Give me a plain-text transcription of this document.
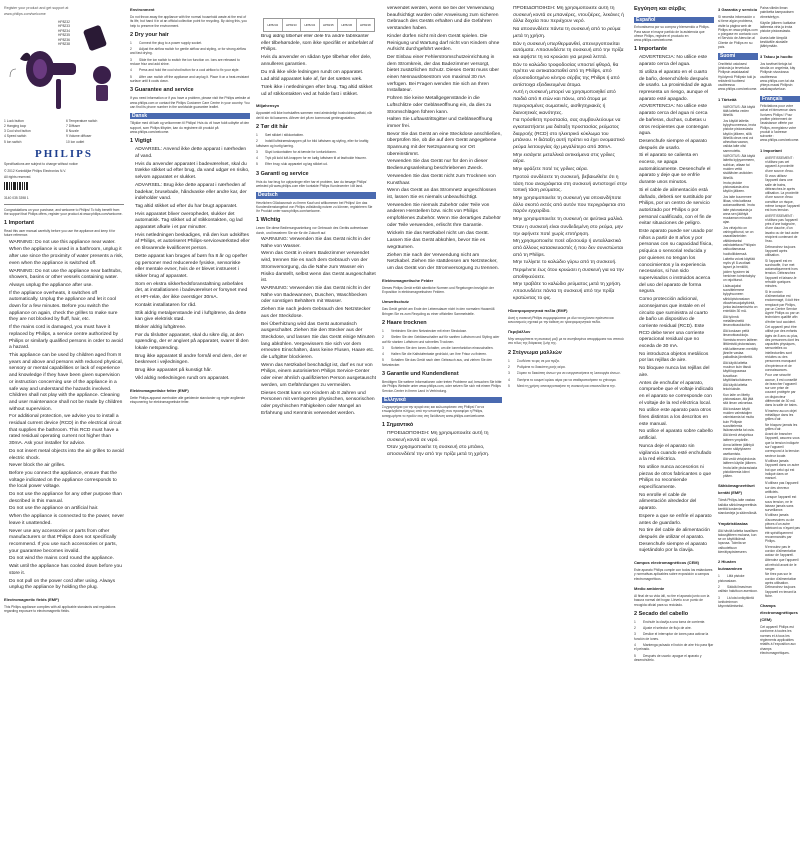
Register your product and get support at
www.philips.com/welcome
HP8232
HP8233
HP8234
HP8235
HP8236
HP8238
1 Lock button	6 Temperature switch
2 Hanging loop	7 Diffuser
3 Cool shot button	8 Nozzle
4 Speed switch	9 Volume diffuser
5 Ion switch	10 Ion outlet
PHILIPS

Specifications are subject to change without notice

© 2012 Koninklijke Philips Electronics N.V.

All rights reserved.

3140 035 3398 1

Congratulations on your purchase, and welcome to Philips! To fully benefit from the support that Philips offers, register your product at www.philips.com/welcome.

1 Important

Read this user manual carefully before you use the appliance and keep it for future reference.

• WARNING: Do not use this appliance near water.
• When the appliance is used in a bathroom, unplug it after use since the proximity of water presents a risk, even when the appliance is switched off.
• WARNING: Do not use the appliance near bathtubs, showers, basins or other vessels containing water.
• Always unplug the appliance after use.
• If the appliance overheats, it switches off automatically. Unplug the appliance and let it cool down for a few minutes. Before you switch the appliance on again, check the grilles to make sure they are not blocked by fluff, hair, etc.
• If the mains cord is damaged, you must have it replaced by Philips, a service centre authorized by Philips or similarly qualified persons in order to avoid a hazard.
• This appliance can be used by children aged from 8 years and above and persons with reduced physical, sensory or mental capabilities or lack of experience and knowledge if they have been given supervision or instruction concerning use of the appliance in a safe way and understand the hazards involved. Children shall not play with the appliance. Cleaning and user maintenance shall not be made by children without supervision.
• For additional protection, we advise you to install a residual current device (RCD) in the electrical circuit that supplies the bathroom. This RCD must have a rated residual operating current not higher than 30mA. Ask your installer for advice.
• Do not insert metal objects into the air grilles to avoid electric shock.
• Never block the air grilles.
• Before you connect the appliance, ensure that the voltage indicated on the appliance corresponds to the local power voltage.
• Do not use the appliance for any other purpose than described in this manual.
• Do not use the appliance on artificial hair.
• When the appliance is connected to the power, never leave it unattended.
• Never use any accessories or parts from other manufacturers or that Philips does not specifically recommend. If you use such accessories or parts, your guarantee becomes invalid.
• Do not wind the mains cord round the appliance.
• Wait until the appliance has cooled down before you store it.
• Do not pull on the power cord after using. Always unplug the appliance by holding the plug.
Electromagnetic fields (EMF)

This Philips appliance complies with all applicable standards and regulations regarding exposure to electromagnetic fields.

Environment

Do not throw away the appliance with the normal household waste at the end of its life, but hand it in at an official collection point for recycling. By doing this, you help to preserve the environment.

2 Dry your hair

1 Connect the plug to a power supply socket.

2 Adjust the airflow switch for gentle airflow and styling, or for strong airflow and fast drying.

3 Slide the ion switch to switch the ion function on. Ions are released to reduce frizz and add shine.

4 Press and hold the cool shot button for a cool airflow to fix your style.

5 After use: switch off the appliance and unplug it. Place it on a heat-resistant surface until it cools down.

3 Guarantee and service

If you need information or if you have a problem, please visit the Philips website at www.philips.com or contact the Philips Customer Care Centre in your country. You can find its phone number in the worldwide guarantee leaflet.

Dansk

Tillykke med dit køb og velkommen til Philips! Hvis du vil have fuldt udbytte af den support, som Philips tilbyder, kan du registrere dit produkt på www.philips.com/welcome.

1 Vigtigt
• ADVARSEL: Anvend ikke dette apparat i nærheden af vand.
• Hvis du anvender apparatet i badeværelset, skal du trække stikket ud efter brug, da vand udgør en risiko, selvom apparatet er slukket.
• ADVARSEL: Brug ikke dette apparat i nærheden af badekar, brusebade, håndvaske eller andre kar, der indeholder vand.
• Tag altid stikket ud efter du har brugt apparatet.
• Hvis apparatet bliver overophedet, slukker det automatisk. Tag stikket ud af stikkontakten, og lad apparatet afkøle i et par minutter.
• Hvis netledningen beskadiges, må den kun udskiftes af Philips, et autoriseret Philips-serviceværksted eller en tilsvarende kvalificeret person.
• Dette apparat kan bruges af børn fra 8 år og opefter og personer med reducerede fysiske, sensoriske eller mentale evner, hvis de er blevet instrueret i sikker brug af apparatet.
• Som en ekstra sikkerhedsforanstaltning anbefales det, at installationen i badeværelset er forsynet med et HFI-relæ, der ikke overstiger 30mA.
• Kontakt installatøren for råd.
• Stik aldrig metalgenstande ind i luftgitrene, da dette kan give elektrisk stød.
• Bloker aldrig luftgitrene.
• Før du tilslutter apparatet, skal du sikre dig, at den spænding, der er angivet på apparatet, svarer til den lokale netspænding.
• Brug ikke apparatet til andre formål end dem, der er beskrevet i vejledningen.
• Brug ikke apparatet på kunstigt hår.
• Vikl aldrig netledningen rundt om apparatet.
Elektromagnetiske felter (EMF)

Dette Philips-apparat overholder alle gældende standarder og regler angående eksponering for elektromagnetiske felter.

HP8232	HP8233	HP8234	HP8235	HP8236	HP8238
• Brug aldrig tilbehør eller dele fra andre fabrikanter eller tilbehørsdele, som ikke specifikt er anbefalet af Philips.
• Hvis du anvender en sådan type tilbehør eller dele, annulleres garantien.
• Du må ikke vikle ledningen rundt om apparatet.
• Lad altid apparatet køle af, før det sættes væk.
• Træk ikke i netledningen efter brug. Tag altid stikket ud af stikkontakten ved at holde fast i stikket.
Miljøhensyn

Apparatet må ikke bortskaffes sammen med almindeligt husholdningsaffald, når det til sin tid kasseres. Aflever det på en kommunal genbrugsstation.

2 Tør dit hår

1 Sæt stikket i stikkontakten.

2 Indstil luftstrømsknappen på for blid luftstrøm og styling, eller for kraftig luftstrøm og hurtig tørring.

3 Skyd ionkontakten for at tænde for ionfunktionen.

4 Tryk på kold luft-knappen for en kølig luftstrøm til at fastholde frisuren.

5 Efter brug: sluk apparatet og tag stikket ud.

3 Garanti og service

Hvis du har brug for oplysninger eller har et problem, kan du besøge Philips' websted på www.philips.com eller kontakte Philips Kundecenter i dit land.

Deutsch

Herzlichen Glückwunsch zu Ihrem Kauf und willkommen bei Philips! Um das Kundendienstangebot von Philips vollständig nutzen zu können, registrieren Sie Ihr Produkt unter www.philips.com/welcome.

1 Wichtig

Lesen Sie diese Bedienungsanleitung vor Gebrauch des Geräts aufmerksam durch, und bewahren Sie sie für die Zukunft auf.

• WARNUNG: Verwenden Sie das Gerät nicht in der Nähe von Wasser.
• Wenn das Gerät in einem Badezimmer verwendet wird, trennen Sie es nach dem Gebrauch von der Stromversorgung, da die Nähe zum Wasser ein Risiko darstellt, selbst wenn das Gerät ausgeschaltet ist.
• WARNUNG: Verwenden Sie das Gerät nicht in der Nähe von Badewannen, Duschen, Waschbecken oder sonstigen Behältern mit Wasser.
• Ziehen Sie nach jedem Gebrauch den Netzstecker aus der Steckdose.
• Bei Überhitzung wird das Gerät automatisch ausgeschaltet. Ziehen Sie den Stecker aus der Steckdose, und lassen Sie das Gerät einige Minuten lang abkühlen. Vergewissern Sie sich vor dem erneuten Einschalten, dass keine Flusen, Haare etc. die Luftgitter blockieren.
• Wenn das Netzkabel beschädigt ist, darf es nur von Philips, einem autorisierten Philips Service-Center oder einer ähnlich qualifizierten Person ausgetauscht werden, um Gefährdungen zu vermeiden.
• Dieses Gerät kann von Kindern ab 8 Jahren und Personen mit verringerten physischen, sensorischen oder psychischen Fähigkeiten oder Mangel an Erfahrung und Kenntnis verwendet werden.
• verwendet werden, wenn sie bei der Verwendung beaufsichtigt wurden oder Anweisung zum sicheren Gebrauch des Geräts erhalten und die Gefahren verstanden haben.
• Kinder dürfen nicht mit dem Gerät spielen. Die Reinigung und Wartung darf nicht von Kindern ohne Aufsicht durchgeführt werden.
• Der Einbau einer Fehlerstromschutzeinrichtung in dem Stromkreis, der das Badezimmer versorgt, bietet zusätzlichen Schutz. Dieses Gerät muss über einen Nennauslösestrom von maximal 30 mA verfügen. Bei Fragen wenden Sie sich an Ihren Installateur.
• Führen Sie keine Metallgegenstände in die Luftschlitze oder Gebläseöffnung ein, da dies zu Stromschlägen führen kann.
• Halten Sie Luftaustrittsgitter und Gebläseöffnung immer frei.
• Bevor Sie das Gerät an eine Steckdose anschließen, überprüfen Sie, ob die auf dem Gerät angegebene Spannung mit der Netzspannung vor Ort übereinstimmt.
• Verwenden Sie das Gerät nur für den in dieser Bedienungsanleitung beschriebenen Zweck.
• Verwenden Sie das Gerät nicht zum Trocknen von Kunsthaar.
• Wenn das Gerät an das Stromnetz angeschlossen ist, lassen Sie es niemals unbeaufsichtigt.
• Verwenden Sie niemals Zubehör oder Teile von anderen Herstellern bzw. nicht von Philips empfohlenes Zubehör. Wenn Sie derartiges Zubehör oder Teile verwenden, erlischt Ihre Garantie.
• Wickeln Sie das Netzkabel nicht um das Gerät.
• Lassen Sie das Gerät abkühlen, bevor Sie es wegräumen.
• Ziehen Sie nach der Verwendung nicht am Netzkabel. Ziehen Sie stattdessen am Netzstecker, um das Gerät von der Stromversorgung zu trennen.
Elektromagnetische Felder

Dieses Philips Gerät erfüllt sämtliche Normen und Regelungen bezüglich der Exposition in elektromagnetischen Feldern.

Umweltschutz

Das Gerät gehört am Ende der Lebensdauer nicht in den normalen Hausmüll. Bringen Sie es zum Recycling zu einer offiziellen Sammelstelle.

2 Haare trocknen

1 Verbinden Sie den Netzstecker mit einer Steckdose.

2 Stellen Sie den Gebläseschalter auf für sanften Luftstrom und Styling oder auf für starken Luftstrom und schnelles Trocknen.

3 Schieben Sie den Ionen-Schalter, um die Ionenfunktion einzuschalten.

4 Halten Sie die Kaltstufentaste gedrückt, um Ihre Frisur zu fixieren.

5 Schalten Sie das Gerät nach dem Gebrauch aus, und ziehen Sie den Netzstecker.

3 Garantie und Kundendienst

Benötigen Sie weitere Informationen oder treten Probleme auf, besuchen Sie bitte die Philips Website unter www.philips.com, oder setzen Sie sich mit einem Philips Service-Center in Ihrem Land in Verbindung.

Ελληνικά

Συγχαρητήρια για την αγορά σας και καλωσορίσατε στη Philips! Για να επωφεληθείτε πλήρως από την υποστήριξη που προσφέρει η Philips, καταχωρήστε το προϊόν σας στη διεύθυνση www.philips.com/welcome.

1 Σημαντικό
• ΠΡΟΕΙΔΟΠΟΙΗΣΗ: Μη χρησιμοποιείτε αυτή τη συσκευή κοντά σε νερό.
• Όταν χρησιμοποιείτε τη συσκευή στο μπάνιο, αποσυνδέετέ την από την πρίζα μετά τη χρήση.
• ΠΡΟΕΙΔΟΠΟΙΗΣΗ: Μη χρησιμοποιείτε αυτή τη συσκευή κοντά σε μπανιέρες, ντουζιέρες, λεκάνες ή άλλα δοχεία που περιέχουν νερό.
• Να αποσυνδέετε πάντα τη συσκευή από το ρεύμα μετά τη χρήση.
• Εάν η συσκευή υπερθερμανθεί, απενεργοποιείται αυτόματα. Αποσυνδέστε τη συσκευή από την πρίζα και αφήστε τη να κρυώσει για μερικά λεπτά.
• Εάν το καλώδιο τροφοδοσίας υποστεί φθορά, θα πρέπει να αντικατασταθεί από τη Philips, από εξουσιοδοτημένο κέντρο σέρβις της Philips ή από αντίστοιχα εξειδικευμένα άτομα.
• Αυτή η συσκευή μπορεί να χρησιμοποιηθεί από παιδιά από 8 ετών και πάνω, από άτομα με περιορισμένες σωματικές, αισθητηριακές ή διανοητικές ικανότητες.
• Για πρόσθετη προστασία, σας συμβουλεύουμε να εγκαταστήσετε μια διάταξη προστασίας ρεύματος διαρροής (RCD) στο ηλεκτρικό κύκλωμα του μπάνιου. Η διάταξη αυτή πρέπει να έχει ονομαστικό ρεύμα λειτουργίας όχι μεγαλύτερο από 30mA.
• Μην εισάγετε μεταλλικά αντικείμενα στις γρίλιες αέρα.
• Μην φράζετε ποτέ τις γρίλιες αέρα.
• Προτού συνδέσετε τη συσκευή, βεβαιωθείτε ότι η τάση που αναγράφεται στη συσκευή αντιστοιχεί στην τοπική τάση ρεύματος.
• Μην χρησιμοποιείτε τη συσκευή για οποιονδήποτε άλλο σκοπό εκτός από αυτόν που περιγράφεται στο παρόν εγχειρίδιο.
• Μην χρησιμοποιείτε τη συσκευή σε ψεύτικα μαλλιά.
• Όταν η συσκευή είναι συνδεδεμένη στο ρεύμα, μην την αφήνετε ποτέ χωρίς επιτήρηση.
• Μη χρησιμοποιείτε ποτέ αξεσουάρ ή ανταλλακτικά από άλλους κατασκευαστές ή που δεν συνιστώνται από τη Philips.
• Μην τυλίγετε το καλώδιο γύρω από τη συσκευή.
• Περιμένετε έως ότου κρυώσει η συσκευή για να την αποθηκεύσετε.
• Μην τραβάτε το καλώδιο ρεύματος μετά τη χρήση. Αποσυνδέετε πάντα τη συσκευή από την πρίζα κρατώντας το φις.
Ηλεκτρομαγνητικά πεδία (EMF)

Αυτή η συσκευή Philips συμμορφώνεται με όλα τα ισχύοντα πρότυπα και κανονισμούς σχετικά με την έκθεση σε ηλεκτρομαγνητικά πεδία.

Περιβάλλον

Μην απορρίπτετε τη συσκευή μαζί με τα συνηθισμένα απορρίμματα του σπιτιού στο τέλος της διάρκειας ζωής της.

2 Στέγνωμα μαλλιών

1 Συνδέστε το φις σε μια πρίζα.

2 Ρυθμίστε το διακόπτη ροής αέρα.

3 Σύρετε το διακόπτη ιόντων για να ενεργοποιήσετε τη λειτουργία ιόντων.

4 Πατήστε το κουμπί κρύου αέρα για να σταθεροποιήσετε το χτένισμα.

5 Μετά τη χρήση: απενεργοποιήστε τη συσκευή και αποσυνδέστε την.

Εγγύηση και σέρβις
Español

Enhorabuena por su compra y bienvenido a Philips. Para sacar el mayor partido de la asistencia que ofrece Philips, registre el producto en www.philips.com/welcome.

1 Importante
• ADVERTENCIA: No utilice este aparato cerca del agua.
• Si utiliza el aparato en el cuarto de baño, desenchúfelo después de usarlo. La proximidad de agua representa un riesgo, aunque el aparato esté apagado.
• ADVERTENCIA: No utilice este aparato cerca del agua ni cerca de bañeras, duchas, cubetas u otros recipientes que contengan agua.
• Desenchufe siempre el aparato después de usarlo.
• Si el aparato se calienta en exceso, se apaga automáticamente. Desenchufe el aparato y deje que se enfríe durante unos minutos.
• Si el cable de alimentación está dañado, deberá ser sustituido por Philips, por un centro de servicio autorizado por Philips o por personal cualificado, con el fin de evitar situaciones de peligro.
• Este aparato puede ser usado por niños a partir de 8 años y por personas con su capacidad física, psíquica o sensorial reducida y por quienes no tengan los conocimientos y la experiencia necesarios, si han sido supervisados o instruidos acerca del uso del aparato de forma segura.
• Como protección adicional, aconsejamos que instale en el circuito que suministra al cuarto de baño un dispositivo de corriente residual (RCD). Este RCD debe tener una corriente operacional residual que no exceda de 30 mA.
• No introduzca objetos metálicos por las rejillas de aire.
• No bloquee nunca las rejillas del aire.
• Antes de enchufar el aparato, compruebe que el voltaje indicado en el aparato se corresponde con el voltaje de la red eléctrica local.
• No utilice este aparato para otros fines distintos a los descritos en este manual.
• No utilice el aparato sobre cabello artificial.
• Nunca deje el aparato sin vigilancia cuando esté enchufado a la red eléctrica.
• No utilice nunca accesorios ni piezas de otros fabricantes o que Philips no recomiende específicamente.
• No enrolle el cable de alimentación alrededor del aparato.
• Espere a que se enfríe el aparato antes de guardarlo.
• No tire del cable de alimentación después de utilizar el aparato. Desenchufe siempre el aparato sujetándolo por la clavija.
Campos electromagnéticos (CEM)

Este aparato Philips cumple con todos los estándares y normativas aplicables sobre exposición a campos electromagnéticos.

Medio ambiente

Al final de su vida útil, no tire el aparato junto con la basura normal del hogar. Llévelo a un punto de recogida oficial para su reciclado.

2 Secado del cabello

1 Enchufe la clavija a una toma de corriente.

2 Ajuste el selector de flujo de aire.

3 Deslice el interruptor de iones para activar la función de iones.

4 Mantenga pulsado el botón de aire frío para fijar el peinado.

5 Después de usarlo: apague el aparato y desenchúfelo.

3 Garantía y servicio

Si necesita información o si tiene algún problema, visite la página web de Philips en www.philips.com o póngase en contacto con el Servicio de Atención al Cliente de Philips en su país.

Suomi

Onnittelut ostoksesi johdosta ja tervetuloa Philipsin asiakkaaksi! Hyödynnä Philipsin tuki ja rekisteröi tuotteesi osoitteessa www.philips.com/welcome.

1 Tärkeää
• VAROITUS: Älä käytä tätä laitetta veden lähellä.
• Jos käytät laitetta kylpyhuoneessa, irrota pistoke pistorasiasta käytön jälkeen, sillä lähellä oleva vesi voi aiheuttaa vaaran, vaikka laite olisi sammutettu.
• VAROITUS: Älä käytä laitetta kylpyammeen, suihkun, altaan tai muiden vettä sisältävien astioiden lähellä.
• Irrota pistoke pistorasiasta aina käytön jälkeen.
• Jos laite kuumenee liikaa, virta katkeaa automaattisesti. Irrota laite pistorasiasta ja anna sen jäähtyä muutaman minuutin ajan.
• Jos virtajohto on vahingoittunut, se on vaaratilanteiden välttämiseksi vaihdatettava Philipsin valtuuttamassa huoltoliikkeessä.
• Laitetta voivat käyttää myös yli 8-vuotiaat lapset ja henkilöt, joiden fyysinen tai henkinen toimintakyky on rajoittunut.
• Lisäsuojaksi suosittelemme kylpyhuoneen sähköpistorasiaan vikavirtasuojakytkintä, jonka laukeamisvirta on enintään 30 mA.
• Älä työnnä metalliesineitä ilmanottoaukkoihin.
• Älä koskaan peitä ilmanottoaukkoja.
• Varmista ennen laitteen liittämistä pistorasiaan, että laitteeseen merkitty jännite vastaa paikallista jännitettä.
• Älä käytä laitetta muuhun kuin tässä käyttöoppaassa kuvattuun käyttötarkoitukseen.
• Älä käytä laitetta tekohiuksiin.
• Kun laite on liitetty pistorasiaan, älä jätä sitä ilman valvontaa.
• Älä koskaan käytä muiden valmistajien valmistamia tai muita kuin Philipsin suosittelemia lisävarusteita tai osia.
• Älä kierrä virtajohtoa laitteen ympärille.
• Anna laitteen jäähtyä ennen säilytykseen asettamista.
• Älä vedä virtajohdosta laitteen käytön jälkeen. Irrota laite pistorasiasta pistokkeesta kiinni pitäen.
Sähkömagneettiset kentät (EMF)

Tämä Philips-laite vastaa kaikkia sähkömagneettisia kenttiä koskevia standardeja ja säännöksiä.

Ympäristöasiaa

Älä hävitä laitetta tavallisen talousjätteen mukana, kun se on käyttöikänsä lopussa. Toimita se valtuutettuun kierrätyspisteeseen.

2 Hiusten kuivaaminen

1 Liitä pistoke pistorasiaan.

2 Säädä ilmavirran valitsin haluttuun asentoon.

3 Liu'uta ionikytkintä ionitoiminnon käynnistämiseksi.

Paina viileän ilman painiketta kampauksen viimeistelyyn.

Käytön jälkeen: katkaise laitteesta virta ja irrota pistoke pistorasiasta.

Aseta laite lämpöä kestävälle alustalle jäähtymään.

3 Takuu ja huolto

Jos tarvitset tietoja tai sinulla on ongelmia, käy Philipsin sivustossa osoitteessa www.philips.com tai ota yhteys maasi Philipsin asiakaspalveluun.

Français

Félicitations pour votre achat et bienvenue dans l'univers Philips ! Pour profiter pleinement de l'assistance offerte par Philips, enregistrez votre produit à l'adresse suivante : www.philips.com/welcome.

1 Important
• AVERTISSEMENT : n'utilisez pas cet appareil à proximité d'une source d'eau.
• Si vous utilisez l'appareil dans une salle de bains, débranchez-le après utilisation. La proximité d'une source d'eau constitue un risque, même lorsque l'appareil est hors tension.
• AVERTISSEMENT : n'utilisez pas l'appareil près d'une baignoire, d'une douche, d'un lavabo ou de tout autre récipient contenant de l'eau.
• Débranchez toujours l'appareil après utilisation.
• Si l'appareil est en surchauffe, il se met automatiquement hors tension. Débranchez l'appareil et laissez-le refroidir quelques minutes.
• Si le cordon d'alimentation est endommagé, il doit être remplacé par Philips, par un Centre Service Agréé Philips ou par un technicien qualifié afin d'éviter tout accident.
• Cet appareil peut être utilisé par des enfants âgés de 8 ans ou plus, des personnes dont les capacités physiques, sensorielles ou intellectuelles sont réduites ou des personnes manquant d'expérience et de connaissances.
• Pour une sécurité accrue, il est conseillé de brancher l'appareil sur une prise de courant protégée par un disjoncteur différentiel de 30 mA dans la salle de bains.
• N'insérez aucun objet métallique dans les grilles d'air.
• Ne bloquez jamais les grilles d'air.
• Avant de brancher l'appareil, assurez-vous que la tension indiquée sur l'appareil correspond à la tension secteur locale.
• N'utilisez jamais l'appareil dans un autre but que celui qui est indiqué dans ce manuel.
• N'utilisez pas l'appareil sur des cheveux artificiels.
• Lorsque l'appareil est sous tension, ne le laissez jamais sans surveillance.
• N'utilisez jamais d'accessoires ou de pièces d'un autre fabricant ou n'ayant pas été spécifiquement recommandés par Philips.
• N'enroulez pas le cordon d'alimentation autour de l'appareil.
• Attendez que l'appareil ait refroidi avant de le ranger.
• Ne tirez pas sur le cordon d'alimentation après utilisation. Débranchez toujours l'appareil en tenant la fiche.
Champs électromagnétiques (CEM)

Cet appareil Philips est conforme à toutes les normes et à tous les règlements applicables relatifs à l'exposition aux champs électromagnétiques.
